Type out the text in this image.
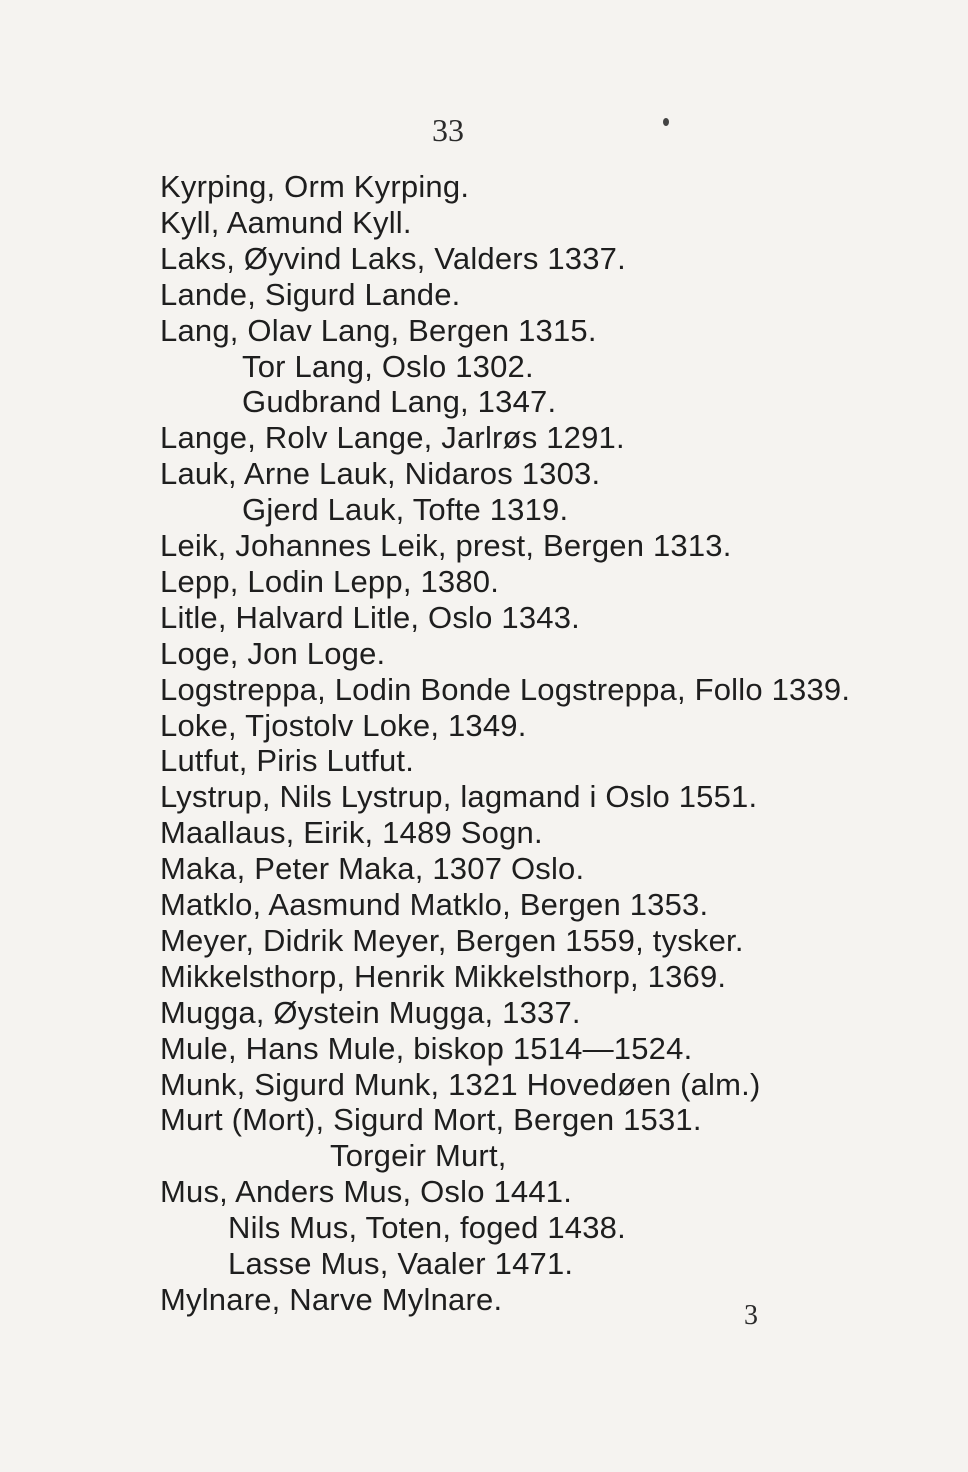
33
Kyrping, Orm Kyrping.
Kyll, Aamund Kyll.
Laks, Øyvind Laks, Valders 1337.
Lande, Sigurd Lande.
Lang, Olav Lang, Bergen 1315.
Tor Lang, Oslo 1302.
Gudbrand Lang, 1347.
Lange, Rolv Lange, Jarlrøs 1291.
Lauk, Arne Lauk, Nidaros 1303.
Gjerd Lauk, Tofte 1319.
Leik, Johannes Leik, prest, Bergen 1313.
Lepp, Lodin Lepp, 1380.
Litle, Halvard Litle, Oslo 1343.
Loge, Jon Loge.
Logstreppa, Lodin Bonde Logstreppa, Follo 1339.
Loke, Tjostolv Loke, 1349.
Lutfut, Piris Lutfut.
Lystrup, Nils Lystrup, lagmand i Oslo 1551.
Maallaus, Eirik, 1489 Sogn.
Maka, Peter Maka, 1307 Oslo.
Matklo, Aasmund Matklo, Bergen 1353.
Meyer, Didrik Meyer, Bergen 1559, tysker.
Mikkelsthorp, Henrik Mikkelsthorp, 1369.
Mugga, Øystein Mugga, 1337.
Mule, Hans Mule, biskop 1514—1524.
Munk, Sigurd Munk, 1321 Hovedøen (alm.)
Murt (Mort), Sigurd Mort, Bergen 1531.
Torgeir Murt,
Mus, Anders Mus, Oslo 1441.
Nils Mus, Toten, foged 1438.
Lasse Mus, Vaaler 1471.
Mylnare, Narve Mylnare.	3
